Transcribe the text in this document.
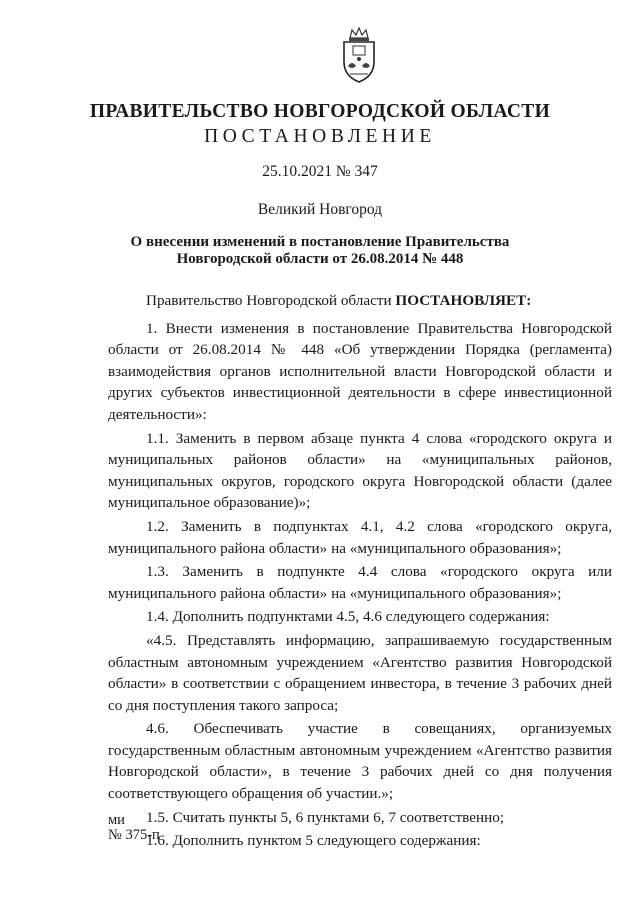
ПРАВИТЕЛЬСТВО НОВГОРОДСКОЙ ОБЛАСТИ
ПОСТАНОВЛЕНИЕ
25.10.2021 № 347
Великий Новгород
О внесении изменений в постановление Правительства
Новгородской области от 26.08.2014 № 448

Правительство Новгородской области ПОСТАНОВЛЯЕТ:

1. Внести изменения в постановление Правительства Новгородской области от 26.08.2014 № 448 «Об утверждении Порядка (регламента) взаимодействия органов исполнительной власти Новгородской области и других субъектов инвестиционной деятельности в сфере инвестиционной деятельности»:

1.1. Заменить в первом абзаце пункта 4 слова «городского округа и муниципальных районов области» на «муниципальных районов, муниципальных округов, городского округа Новгородской области (далее муниципальное образование)»;

1.2. Заменить в подпунктах 4.1, 4.2 слова «городского округа, муниципального района области» на «муниципального образования»;

1.3. Заменить в подпункте 4.4 слова «городского округа или муниципального района области» на «муниципального образования»;

1.4. Дополнить подпунктами 4.5, 4.6 следующего содержания:

«4.5. Представлять информацию, запрашиваемую государственным областным автономным учреждением «Агентство развития Новгородской области» в соответствии с обращением инвестора, в течение 3 рабочих дней со дня поступления такого запроса;

4.6. Обеспечивать участие в совещаниях, организуемых государственным областным автономным учреждением «Агентство развития Новгородской области», в течение 3 рабочих дней со дня получения соответствующего обращения об участии.»;

1.5. Считать пункты 5, 6 пунктами 6, 7 соответственно;

1.6. Дополнить пунктом 5 следующего содержания:

ми
№ 375-п
